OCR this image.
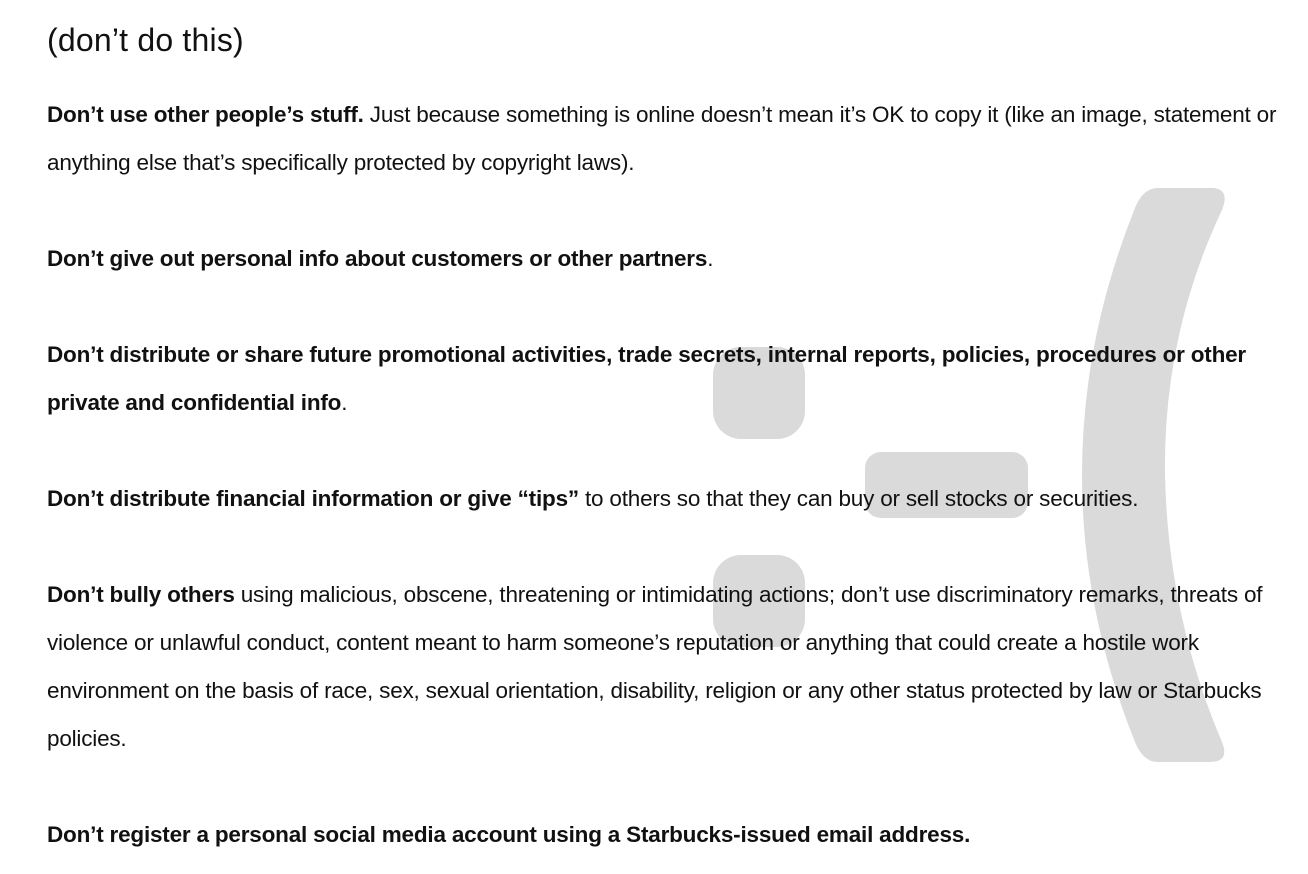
(don’t do this)

Don’t use other people’s stuff. Just because something is online doesn’t mean it’s OK to copy it (like an image, statement or anything else that’s specifically protected by copyright laws).

Don’t give out personal info about customers or other partners.

Don’t distribute or share future promotional activities, trade secrets, internal reports, policies, procedures or other private and confidential info.

Don’t distribute financial information or give “tips” to others so that they can buy or sell stocks or securities.

Don’t bully others using malicious, obscene, threatening or intimidating actions; don’t use discriminatory remarks, threats of violence or unlawful conduct, content meant to harm someone’s reputation or anything that could create a hostile work environment on the basis of race, sex, sexual orientation, disability, religion or any other status protected by law or Starbucks policies.

Don’t register a personal social media account using a Starbucks-issued email address.
